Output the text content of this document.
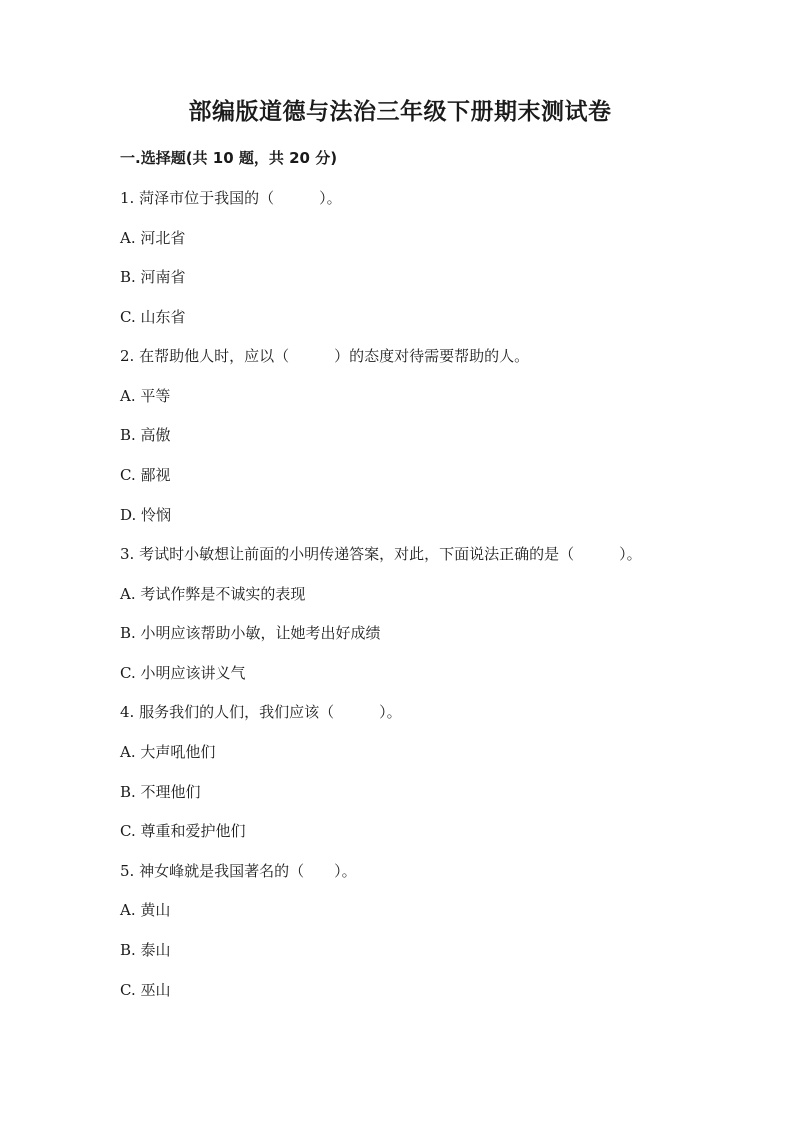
部编版道德与法治三年级下册期末测试卷
一.选择题(共 10 题，共 20 分)
1. 菏泽市位于我国的（　　　）。
A. 河北省
B. 河南省
C. 山东省
2. 在帮助他人时，应以（　　　）的态度对待需要帮助的人。
A. 平等
B. 高傲
C. 鄙视
D. 怜悯
3. 考试时小敏想让前面的小明传递答案，对此，下面说法正确的是（　　　）。
A. 考试作弊是不诚实的表现
B. 小明应该帮助小敏，让她考出好成绩
C. 小明应该讲义气
4. 服务我们的人们，我们应该（　　　）。
A. 大声吼他们
B. 不理他们
C. 尊重和爱护他们
5. 神女峰就是我国著名的（　　）。
A. 黄山
B. 泰山
C. 巫山
